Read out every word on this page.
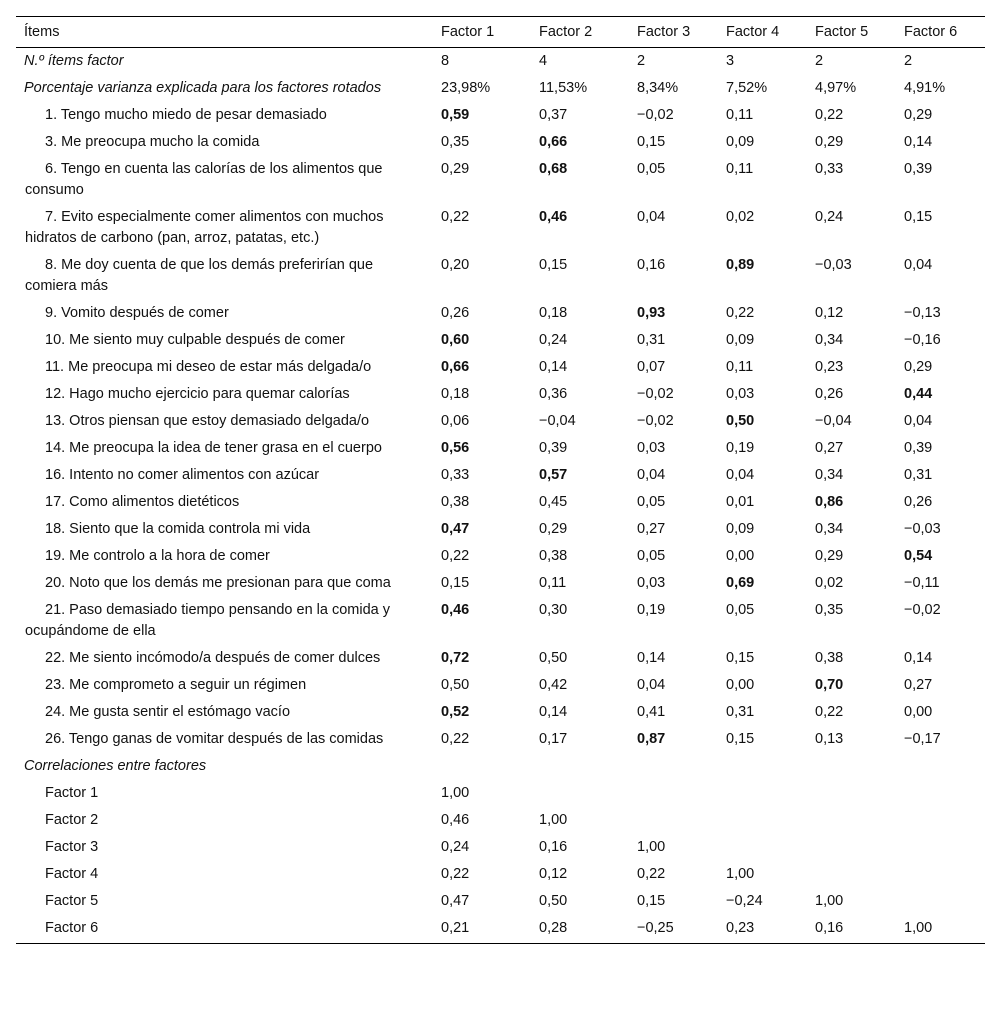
Ítems	Factor 1	Factor 2	Factor 3	Factor 4	Factor 5	Factor 6
N.º ítems factor	8	4	2	3	2	2
Porcentaje varianza explicada para los factores rotados	23,98%	11,53%	8,34%	7,52%	4,97%	4,91%

1. Tengo mucho miedo de pesar demasiado	0,59	0,37	−0,02	0,11	0,22	0,29

3. Me preocupa mucho la comida	0,35	0,66	0,15	0,09	0,29	0,14

6. Tengo en cuenta las calorías de los alimentos que consumo	0,29	0,68	0,05	0,11	0,33	0,39

7. Evito especialmente comer alimentos con muchos hidratos de carbono (pan, arroz, patatas, etc.)	0,22	0,46	0,04	0,02	0,24	0,15

8. Me doy cuenta de que los demás preferirían que comiera más	0,20	0,15	0,16	0,89	−0,03	0,04

9. Vomito después de comer	0,26	0,18	0,93	0,22	0,12	−0,13

10. Me siento muy culpable después de comer	0,60	0,24	0,31	0,09	0,34	−0,16

11. Me preocupa mi deseo de estar más delgada/o	0,66	0,14	0,07	0,11	0,23	0,29

12. Hago mucho ejercicio para quemar calorías	0,18	0,36	−0,02	0,03	0,26	0,44

13. Otros piensan que estoy demasiado delgada/o	0,06	−0,04	−0,02	0,50	−0,04	0,04

14. Me preocupa la idea de tener grasa en el cuerpo	0,56	0,39	0,03	0,19	0,27	0,39

16. Intento no comer alimentos con azúcar	0,33	0,57	0,04	0,04	0,34	0,31

17. Como alimentos dietéticos	0,38	0,45	0,05	0,01	0,86	0,26

18. Siento que la comida controla mi vida	0,47	0,29	0,27	0,09	0,34	−0,03

19. Me controlo a la hora de comer	0,22	0,38	0,05	0,00	0,29	0,54

20. Noto que los demás me presionan para que coma	0,15	0,11	0,03	0,69	0,02	−0,11

21. Paso demasiado tiempo pensando en la comida y ocupándome de ella	0,46	0,30	0,19	0,05	0,35	−0,02

22. Me siento incómodo/a después de comer dulces	0,72	0,50	0,14	0,15	0,38	0,14

23. Me comprometo a seguir un régimen	0,50	0,42	0,04	0,00	0,70	0,27

24. Me gusta sentir el estómago vacío	0,52	0,14	0,41	0,31	0,22	0,00

26. Tengo ganas de vomitar después de las comidas	0,22	0,17	0,87	0,15	0,13	−0,17
Correlaciones entre factores						
Factor 1	1,00					
Factor 2	0,46	1,00				
Factor 3	0,24	0,16	1,00			
Factor 4	0,22	0,12	0,22	1,00		
Factor 5	0,47	0,50	0,15	−0,24	1,00	
Factor 6	0,21	0,28	−0,25	0,23	0,16	1,00
